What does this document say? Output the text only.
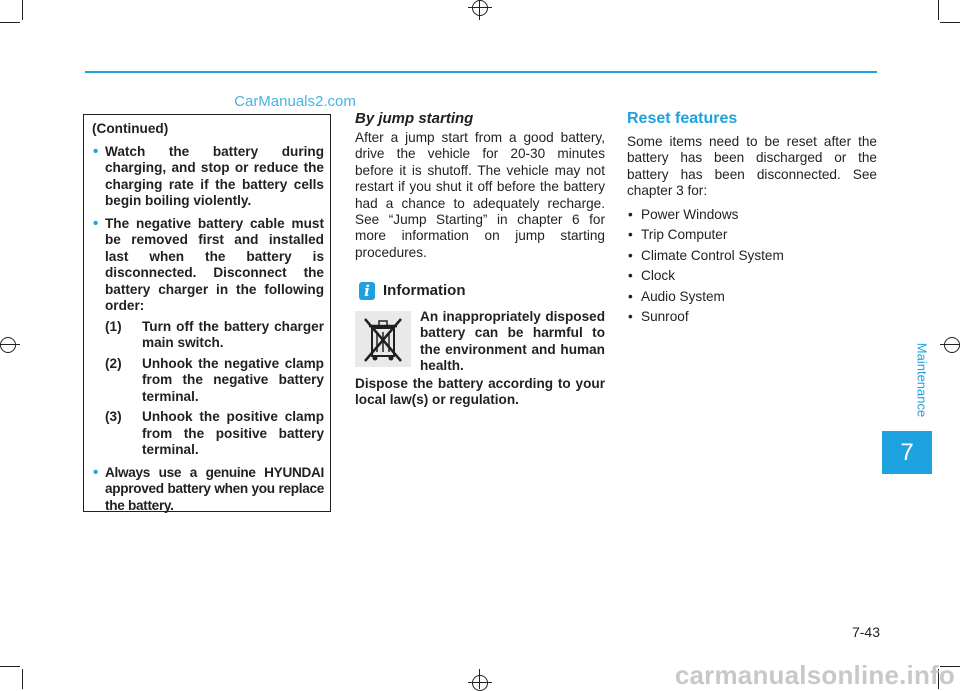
CarManuals2.com

(Continued)

• Watch the battery during charging, and stop or reduce the charging rate if the battery cells begin boiling violently.

• The negative battery cable must be removed first and installed last when the battery is disconnected. Disconnect the battery charger in the following order:

(1) Turn off the battery charger main switch.

(2) Unhook the negative clamp from the negative battery terminal.

(3) Unhook the positive clamp from the positive battery terminal.

• Always use a genuine HYUNDAI approved battery when you replace the battery.

By jump starting

After a jump start from a good battery, drive the vehicle for 20-30 minutes before it is shutoff. The vehicle may not restart if you shut it off before the battery had a chance to adequately recharge. See “Jump Starting” in chapter 6 for more information on jump starting procedures.

i Information

An inappropriately disposed battery can be harmful to the environment and human health.

Dispose the battery according to your local law(s) or regulation.

Reset features

Some items need to be reset after the battery has been discharged or the battery has been disconnected. See chapter 3 for:

• Power Windows
• Trip Computer
• Climate Control System
• Clock
• Audio System
• Sunroof
Maintenance
7
7-43
carmanualsonline.info
